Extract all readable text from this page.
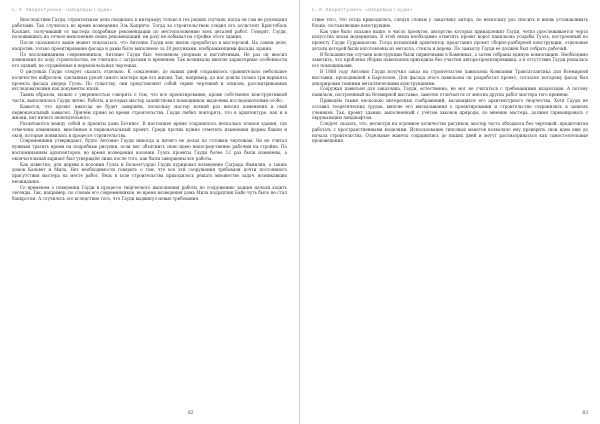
С. А. Хворостухина. «Шедевры Гауди»

Впоследствии Гауди, строительные дела сводились к интерьеру только в тех редких случаях, когда он сам не руководил работами. Так случилось во время возведения Эль Капричо. Тогда за строительством следил его ассистент Кристобаль Каскант, получивший от мастера подробные рекомендации по местоположению всех деталей работ. Говорят, Гауди, положившись на точное выполнение своих рекомендаций, ни разу не побывал на стройке этого здания.

После сказанного выше может показаться, что Антонио Гауди всю жизнь проработал в мастерской. На самом деле, напротив, только проектирование фасада и рамы было выполнено за 20 рисунками, изображающими фасады здания.

По воспоминаниям современников, Антонио Гауди был человеком упорным и настойчивым. Не раз он вносил изменения по ходу строительства, не считаясь с затратами и временем. Так возникали многие характерные особенности его зданий, не отражённые в первоначальных чертежах.

О рисунках Гауди следует сказать отдельно. К сожалению, до наших дней сохранилось сравнительно небольшое количество набросков, сделанных рукой самого мастера при его жизни. Так, например, до нас дошли только три варианта проекта фасада дворца Гуэль. По существу, они представляют собой серию чертежей и эскизов, рассматриваемых исследователями как документы эпохи.

Таким образом, можно с уверенностью говорить о том, что все проектирование, кроме собственно конструктивной части, выполнялось Гауди лично. Работы, в которых мастер задействовал помощников, выделены исследователями особо.

Кажется, что проект никогда не будет завершён, поскольку мастер всякий раз вносил изменения в свой первоначальный замысел. Причём прямо во время строительства. Гауди любил повторять, что в архитектуре, как и в жизни, нет ничего окончательного.

Различаются между собой и проекты дома Ботинес. В настоящее время сохранилось несколько планов здания, где отмечены изменения, внесённые в первоначальный проект. Среди прочих нужно отметить изменения формы башен и окон, которые появились в процессе строительства.

Современники утверждают, будто Антонио Гауди никогда и ничего не делал по готовым чертежам. Он не считал нужным тратить время на подробные рисунки, если мог объяснить свою идею непосредственно рабочим на стройке. По воспоминаниям архитекторов, во время возведения колонии Гуэль проекты Гауди более 12 раз были изменены, а окончательный вариант был утверждён лишь после того, как были завершены все работы.

Как известно, для церкви в колонии Гуэль и Бельесгуардо Гауди курировал возведение Саграда Фамилия, а также домов Кальвет и Мила. Нет необходимости говорить о том, что все эти сооружения требовали почти постоянного присутствия мастера на месте работ. Ведь в ходе строительства приходилось решать множество задач, возникавших неожиданно.

Со временем о поведении Гауди в процессе творческого выполнения работы по сооружению здания начали ходить легенды. Так, например, по словам его современников, во время возведения дома Мила подрядчик Байо чуть было не стал банкротом. А случилось это вследствие того, что Гауди выдвинул новые требования.

82
С. А. Хворостухина. «Шедевры Гауди»

ствие того, что тогда приходилось, следуя словам у заказчику автора, по нескольку раз сносить и вновь устанавливать блоки, составляющие конструкцию.

Как уже было сказано выше, в число проектов, авторство которых принадлежит Гауди, четко прослеживается черта искусства эпохи модернизма. В этой связи необходимо отметить проект ворот павильона усадьбы Гуэль, построенный по проекту Гауди Сурраньясом. Тогда испанский архитектор представил проект сборно-разборной конструкции, отдельные детали которой были изготовлены из металла, стекла и дерева. По замыслу Гауди ее должен был собрать рабочий.

В большинстве случаев конструкции были первичными в Каменных, а затем собраны единую композицию. Необходимо заметить, что проблема сборки павильонов приходила без участия автора-проектировщика, а в отсутствие Гауди решалась его помощниками.

В 1888 году Антонио Гауди получил заказ на строительство павильона Компании Трансатлантика для Всемирной выставки, проходившей в Барселоне. Для фасада этого павильона он разработал проект, согласно которому фасад был декорирован тонкими металлическими конструкциями.

Сооружая павильон для заказчика, Гауди, естественно, не мог не считаться с требованиями владельцев. А потому павильон, построенный на Всемирной выставке, заметно отличается от многих других работ мастера того времени.

Приведём также несколько интересных соображений, касающихся его архитектурного творчества. Хотя Гауди не оставил теоретических трудов, многие его высказывания о проектировании и строительстве сохранились в записях учеников. Так, проект здания, выполненный с учётом законов природы, по мнению мастера, должен гармонировать с окружающим ландшафтом.

Следует сказать, что, несмотря на огромное количество рисунков, мастер часто обходился без чертежей, предпочитая работать с пространственными моделями. Использование гипсовых макетов позволяло ему проверить свои идеи еще до начала строительства. Отдельные макеты сохранились до наших дней и могут рассматриваться как самостоятельные произведения.

83
